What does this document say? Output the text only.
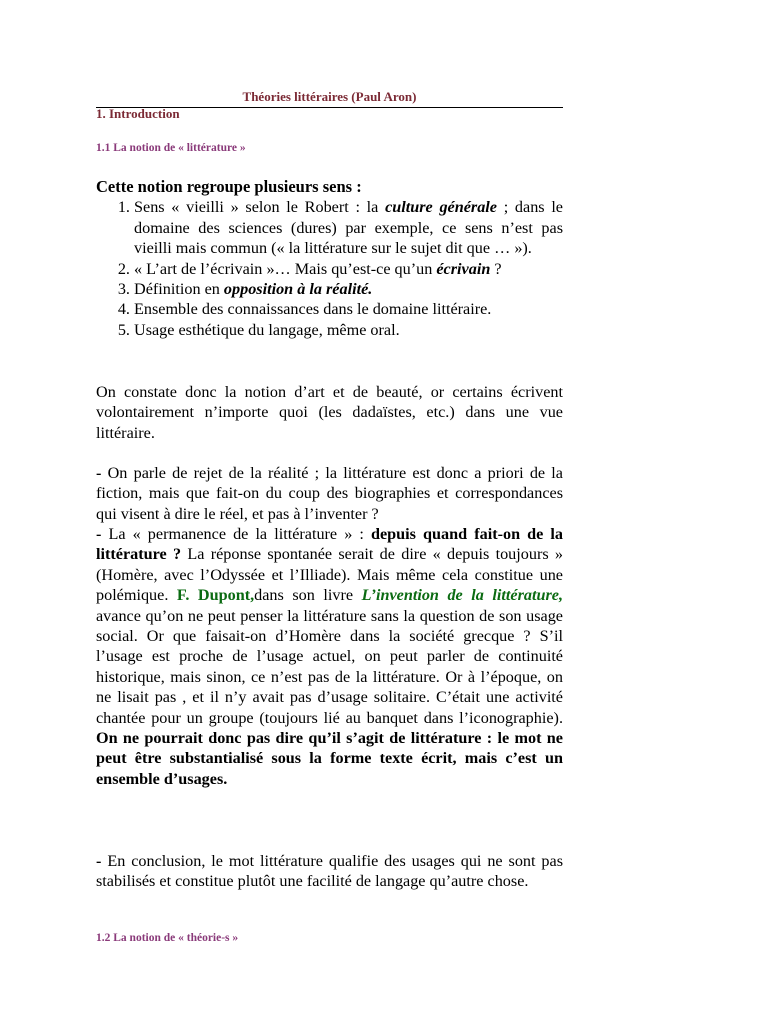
Théories littéraires (Paul Aron)
1. Introduction
1.1 La notion de « littérature »
Cette notion regroupe plusieurs sens :
1. Sens « vieilli » selon le Robert : la culture générale ; dans le domaine des sciences (dures) par exemple, ce sens n’est pas vieilli mais commun (« la littérature sur le sujet dit que … »).
2. « L’art de l’écrivain »… Mais qu’est-ce qu’un écrivain ?
3. Définition en opposition à la réalité.
4. Ensemble des connaissances dans le domaine littéraire.
5. Usage esthétique du langage, même oral.

On constate donc la notion d’art et de beauté, or certains écrivent volontairement n’importe quoi (les dadaïstes, etc.) dans une vue littéraire.

- On parle de rejet de la réalité ; la littérature est donc a priori de la fiction, mais que fait-on du coup des biographies et correspondances qui visent à dire le réel, et pas à l’inventer ?

- La « permanence de la littérature » : depuis quand fait-on de la littérature ? La réponse spontanée serait de dire « depuis toujours » (Homère, avec l’Odyssée et l’Illiade). Mais même cela constitue une polémique. F. Dupont,dans son livre L’invention de la littérature, avance qu’on ne peut penser la littérature sans la question de son usage social. Or que faisait-on d’Homère dans la société grecque ? S’il l’usage est proche de l’usage actuel, on peut parler de continuité historique, mais sinon, ce n’est pas de la littérature. Or à l’époque, on ne lisait pas , et il n’y avait pas d’usage solitaire. C’était une activité chantée pour un groupe (toujours lié au banquet dans l’iconographie). On ne pourrait donc pas dire qu’il s’agit de littérature : le mot ne peut être substantialisé sous la forme texte écrit, mais c’est un ensemble d’usages.

- En conclusion, le mot littérature qualifie des usages qui ne sont pas stabilisés et constitue plutôt une facilité de langage qu’autre chose.

1.2 La notion de « théorie-s »
